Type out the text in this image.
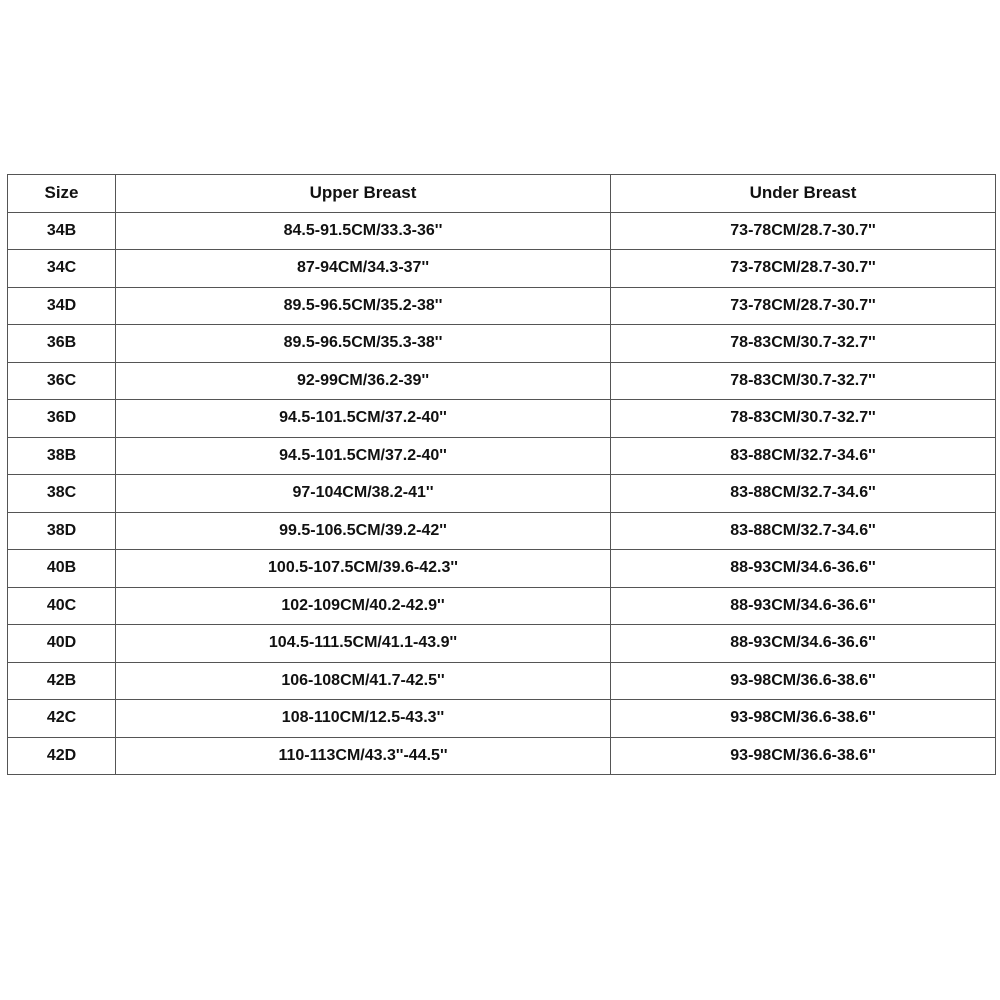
Size	Upper Breast	Under Breast
34B	84.5-91.5CM/33.3-36''	73-78CM/28.7-30.7''
34C	87-94CM/34.3-37''	73-78CM/28.7-30.7''
34D	89.5-96.5CM/35.2-38''	73-78CM/28.7-30.7''
36B	89.5-96.5CM/35.3-38''	78-83CM/30.7-32.7''
36C	92-99CM/36.2-39''	78-83CM/30.7-32.7''
36D	94.5-101.5CM/37.2-40''	78-83CM/30.7-32.7''
38B	94.5-101.5CM/37.2-40''	83-88CM/32.7-34.6''
38C	97-104CM/38.2-41''	83-88CM/32.7-34.6''
38D	99.5-106.5CM/39.2-42''	83-88CM/32.7-34.6''
40B	100.5-107.5CM/39.6-42.3''	88-93CM/34.6-36.6''
40C	102-109CM/40.2-42.9''	88-93CM/34.6-36.6''
40D	104.5-111.5CM/41.1-43.9''	88-93CM/34.6-36.6''
42B	106-108CM/41.7-42.5''	93-98CM/36.6-38.6''
42C	108-110CM/12.5-43.3''	93-98CM/36.6-38.6''
42D	110-113CM/43.3''-44.5''	93-98CM/36.6-38.6''
